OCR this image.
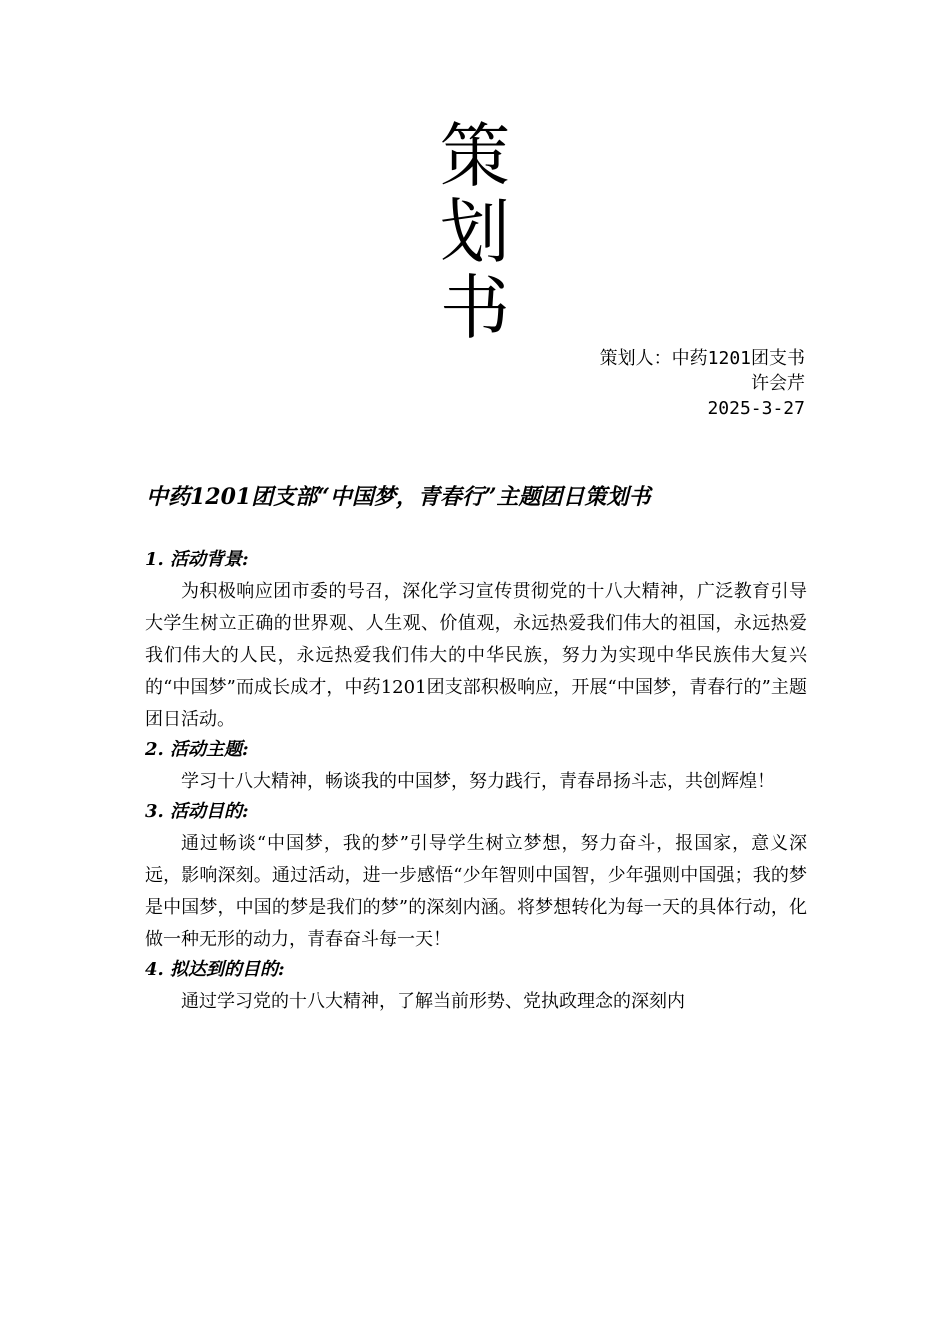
策
划
书
策划人：中药1201团支书
许会芹
2025-3-27
中药1201团支部“中国梦，青春行”主题团日策划书
1. 活动背景:
为积极响应团市委的号召，深化学习宣传贯彻党的十八大精神，广泛教育引导大学生树立正确的世界观、人生观、价值观，永远热爱我们伟大的祖国，永远热爱我们伟大的人民，永远热爱我们伟大的中华民族，努力为实现中华民族伟大复兴的“中国梦”而成长成才，中药1201团支部积极响应，开展“中国梦，青春行的”主题团日活动。
2. 活动主题:
学习十八大精神，畅谈我的中国梦，努力践行，青春昂扬斗志，共创辉煌！
3. 活动目的:
通过畅谈“中国梦，我的梦”引导学生树立梦想，努力奋斗，报国家，意义深远，影响深刻。通过活动，进一步感悟“少年智则中国智，少年强则中国强；我的梦是中国梦，中国的梦是我们的梦”的深刻内涵。将梦想转化为每一天的具体行动，化做一种无形的动力，青春奋斗每一天！
4. 拟达到的目的:
通过学习党的十八大精神，了解当前形势、党执政理念的深刻内
